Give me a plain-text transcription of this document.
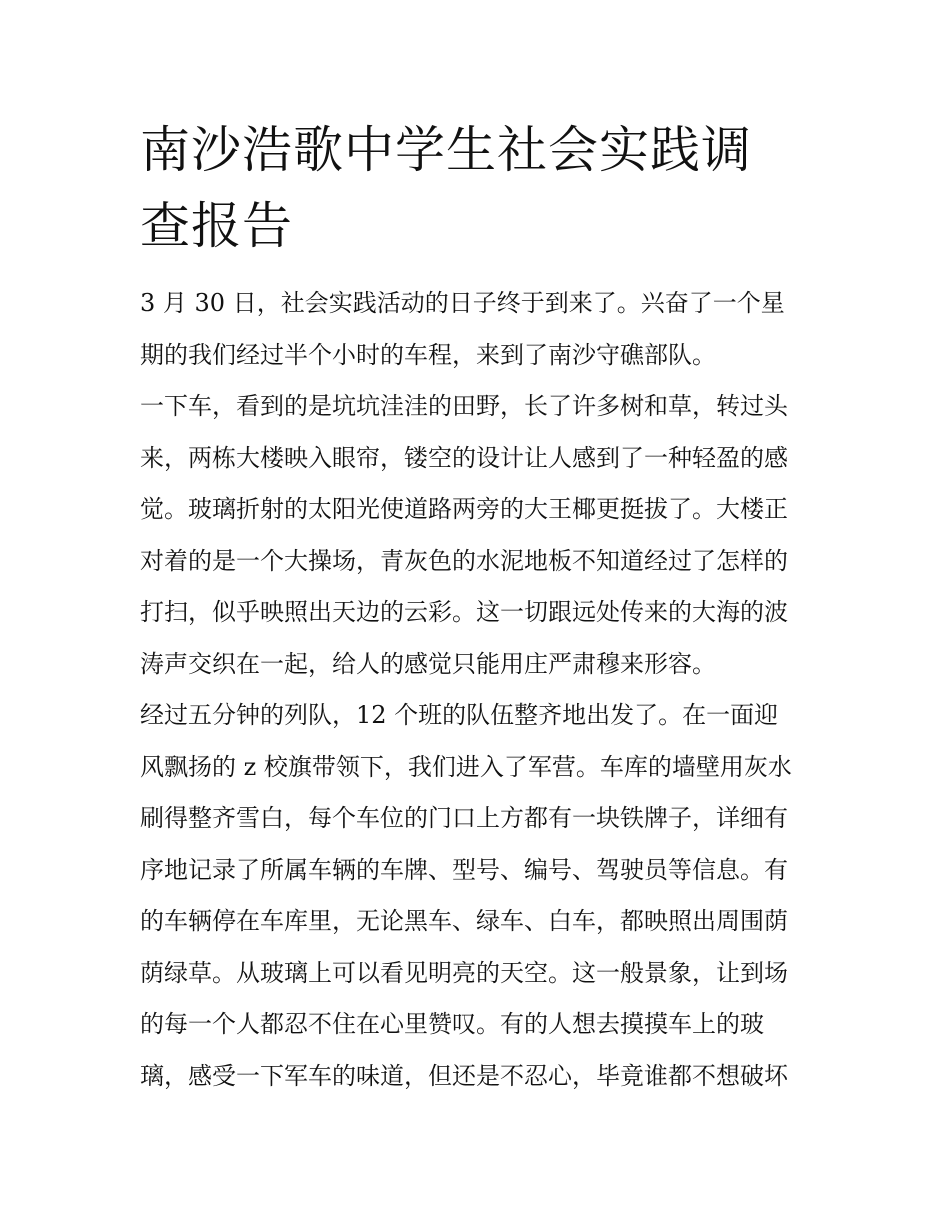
南沙浩歌中学生社会实践调查报告
3 月 30 日，社会实践活动的日子终于到来了。兴奋了一个星
期的我们经过半个小时的车程，来到了南沙守礁部队。
一下车，看到的是坑坑洼洼的田野，长了许多树和草，转过头
来，两栋大楼映入眼帘，镂空的设计让人感到了一种轻盈的感
觉。玻璃折射的太阳光使道路两旁的大王椰更挺拔了。大楼正
对着的是一个大操场，青灰色的水泥地板不知道经过了怎样的
打扫，似乎映照出天边的云彩。这一切跟远处传来的大海的波
涛声交织在一起，给人的感觉只能用庄严肃穆来形容。
经过五分钟的列队，12 个班的队伍整齐地出发了。在一面迎
风飘扬的 z 校旗带领下，我们进入了军营。车库的墙壁用灰水
刷得整齐雪白，每个车位的门口上方都有一块铁牌子，详细有
序地记录了所属车辆的车牌、型号、编号、驾驶员等信息。有
的车辆停在车库里，无论黑车、绿车、白车，都映照出周围荫
荫绿草。从玻璃上可以看见明亮的天空。这一般景象，让到场
的每一个人都忍不住在心里赞叹。有的人想去摸摸车上的玻
璃，感受一下军车的味道，但还是不忍心，毕竟谁都不想破坏
